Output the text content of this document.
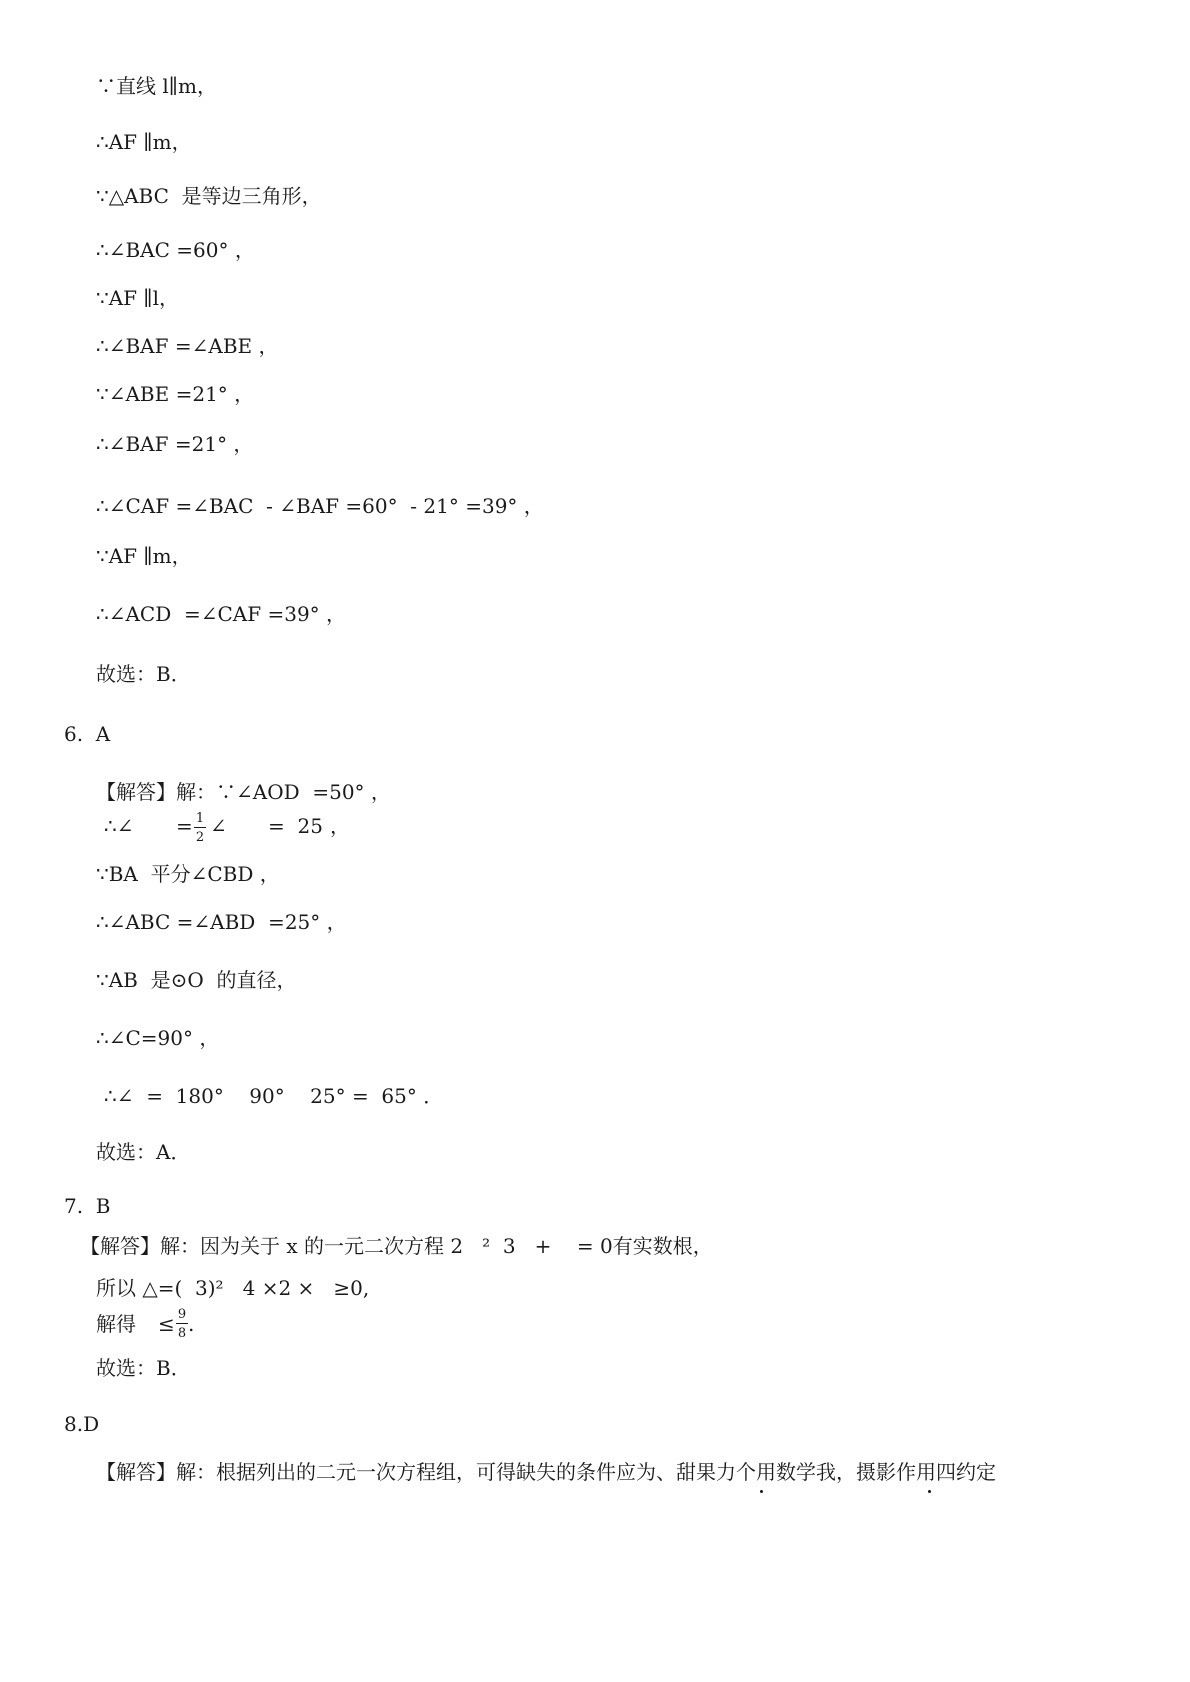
∵直线 l∥m，
∴AF ∥m，
∵△ABC  是等边三角形，
∴∠BAC =60° ，
∵AF ∥l，
∴∠BAF =∠ABE ，
∵∠ABE =21° ，
∴∠BAF =21° ，
∴∠CAF =∠BAC  - ∠BAF =60°  - 21° =39° ，
∵AF ∥m，
∴∠ACD  =∠CAF =39° ，
故选：B．
6.  A
【解答】解：∵∠AOD  =50° ，
∴∠ = 1
2 ∠ =  25 ，
∵BA  平分∠CBD ，
∴∠ABC =∠ABD  =25° ，
∵AB  是⊙O  的直径，
∴∠C=90° ，
∴∠  =  180°    90°    25° =  65° ．
故选：A．
7.  B
【解答】解：因为关于 x 的一元二次方程 2   ²  3   +    = 0有实数根，
所以 △=(  3)²   4 ×2 ×   ≥0,
解得 ≤ 9
8 .
故选：B．
8.D
【解答】解：根据列出的二元一次方程组，可得缺失的条件应为、甜果力个用数学我，摄影作用四约定
